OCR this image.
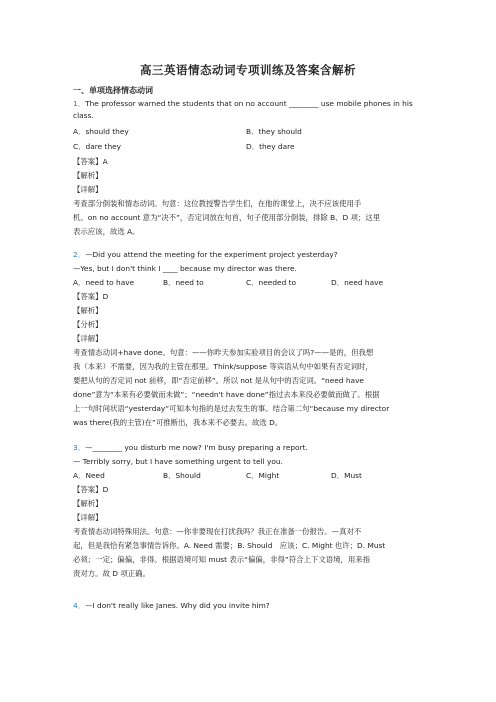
高三英语情态动词专项训练及答案含解析
一、单项选择情态动词
1．The professor warned the students that on no account ________ use mobile phones in his
class.
A．should they	B．they should
C．dare they	D．they dare
【答案】A
【解析】
【详解】
考查部分倒装和情态动词。句意：这位教授警告学生们，在他的课堂上，决不应该使用手
机。on no account 意为“决不”，否定词放在句首，句子使用部分倒装，排除 B、D 项；这里
表示应该，故选 A。
2．—Did you attend the meeting for the experiment project yesterday?
—Yes, but I don't think I ____ because my director was there.
A．need to have	B．need to	C．needed to	D．need have
【答案】D
【解析】
【分析】
【详解】
考查情态动词+have done。句意：——你昨天参加实验项目的会议了吗?——是的，但我想
我（本来）不需要，因为我的主管在那里。Think/suppose 等宾语从句中如果有否定词时，
要把从句的否定词 not 前移，即“否定前移”。所以 not 是从句中的否定词。“need have
done”意为“本来有必要做而未做”；“needn't have done”指过去本来没必要做而做了。根据
上一句时间状语“yesterday”可知本句指的是过去发生的事。结合第二句“because my director
was there(我的主管)在”可推断出，我本来不必要去。故选 D。
3．—________ you disturb me now? I'm busy preparing a report.
— Terribly sorry, but I have something urgent to tell you.
A．Need	B．Should	C．Might	D．Must
【答案】D
【解析】
【详解】
考查情态动词特殊用法。句意：—你非要现在打扰我吗？我正在准备一份报告。—真对不
起，但是我恰有紧急事情告诉你。A. Need 需要；B. Should　应该；C. Might 也许；D. Must
必须；一定；偏偏，非得。根据语境可知 must 表示“偏偏，非得”符合上下文语境，用来指
责对方。故 D 项正确。
4．—I don't really like Janes. Why did you invite him?
